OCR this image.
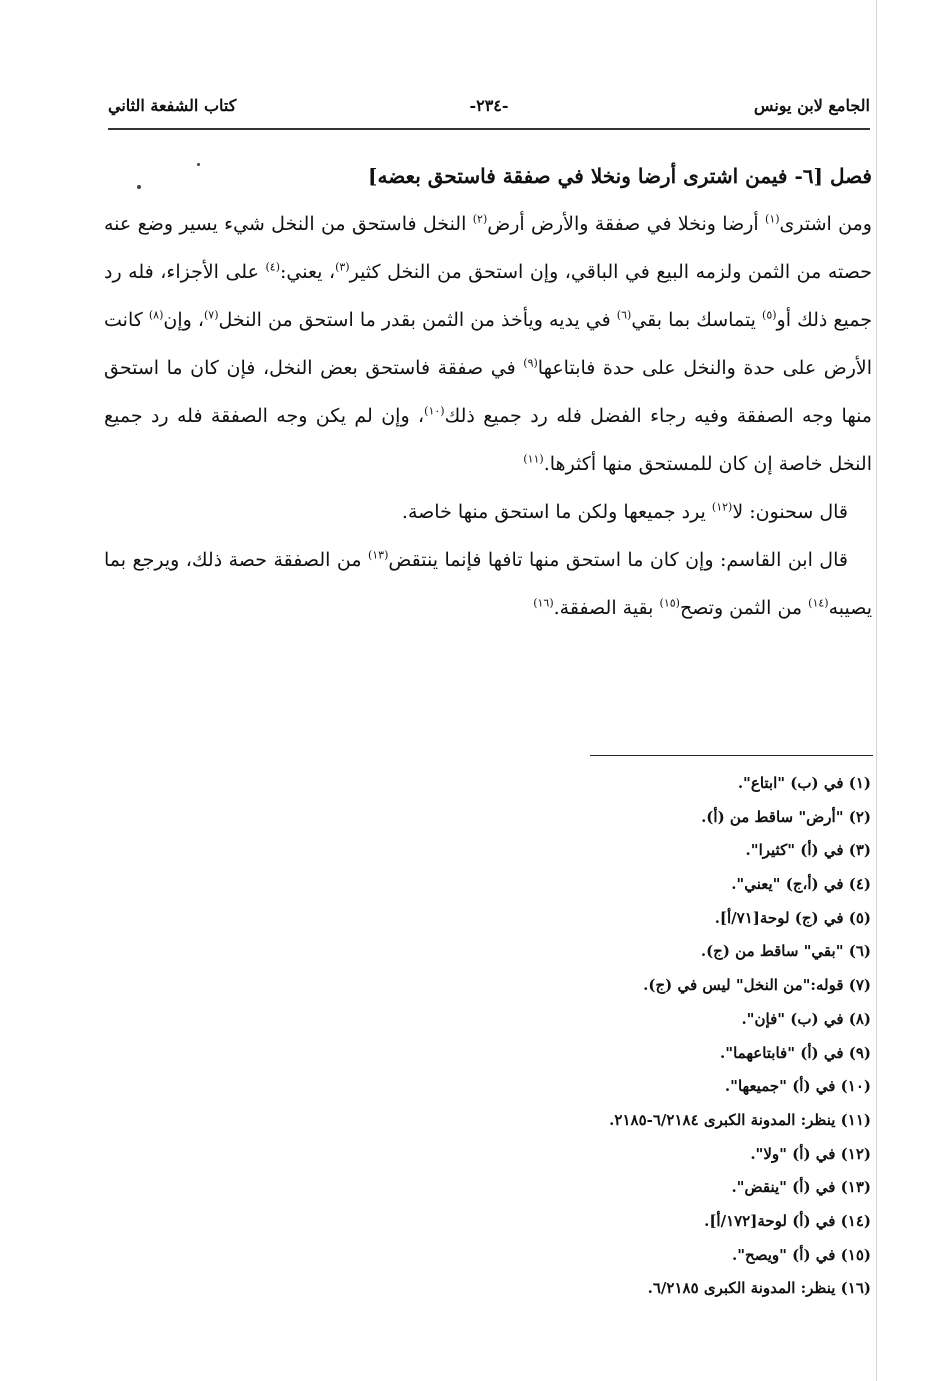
الجامع لابن يونس
-٢٣٤-
كتاب الشفعة الثاني

فصل [٦- فيمن اشترى أرضا ونخلا في صفقة فاستحق بعضه]

ومن اشترى$^{(١)}$ أرضا ونخلا في صفقة والأرض أرض$^{(٢)}$ النخل فاستحق من النخل شيء يسير وضع عنه حصته من الثمن ولزمه البيع في الباقي، وإن استحق من النخل كثير$^{(٣)}$، يعني:$^{(٤)}$ على الأجزاء، فله رد جميع ذلك أو$^{(٥)}$ يتماسك بما بقي$^{(٦)}$ في يديه ويأخذ من الثمن بقدر ما استحق من النخل$^{(٧)}$، وإن$^{(٨)}$ كانت الأرض على حدة والنخل على حدة فابتاعها$^{(٩)}$ في صفقة فاستحق بعض النخل، فإن كان ما استحق منها وجه الصفقة وفيه رجاء الفضل فله رد جميع ذلك$^{(١٠)}$، وإن لم يكن وجه الصفقة فله رد جميع النخل خاصة إن كان للمستحق منها أكثرها.$^{(١١)}$

قال سحنون: لا$^{(١٢)}$ يرد جميعها ولكن ما استحق منها خاصة.

قال ابن القاسم: وإن كان ما استحق منها تافها فإنما ينتقض$^{(١٣)}$ من الصفقة حصة ذلك، ويرجع بما يصيبه$^{(١٤)}$ من الثمن وتصح$^{(١٥)}$ بقية الصفقة.$^{(١٦)}$

(١) في (ب) "ابتاع".
(٢) "أرض" ساقط من (أ).
(٣) في (أ) "كثيرا".
(٤) في (أ،ج) "يعني".
(٥) في (ج) لوحة[٧١/أ].
(٦) "بقي" ساقط من (ج).
(٧) قوله:"من النخل" ليس في (ج).
(٨) في (ب) "فإن".
(٩) في (أ) "فابتاعهما".
(١٠) في (أ) "جميعها".
(١١) ينظر: المدونة الكبرى ٦/٢١٨٤-٢١٨٥.
(١٢) في (أ) "ولا".
(١٣) في (أ) "ينقض".
(١٤) في (أ) لوحة[١٧٢/أ].
(١٥) في (أ) "ويصح".
(١٦) ينظر: المدونة الكبرى ٦/٢١٨٥.
